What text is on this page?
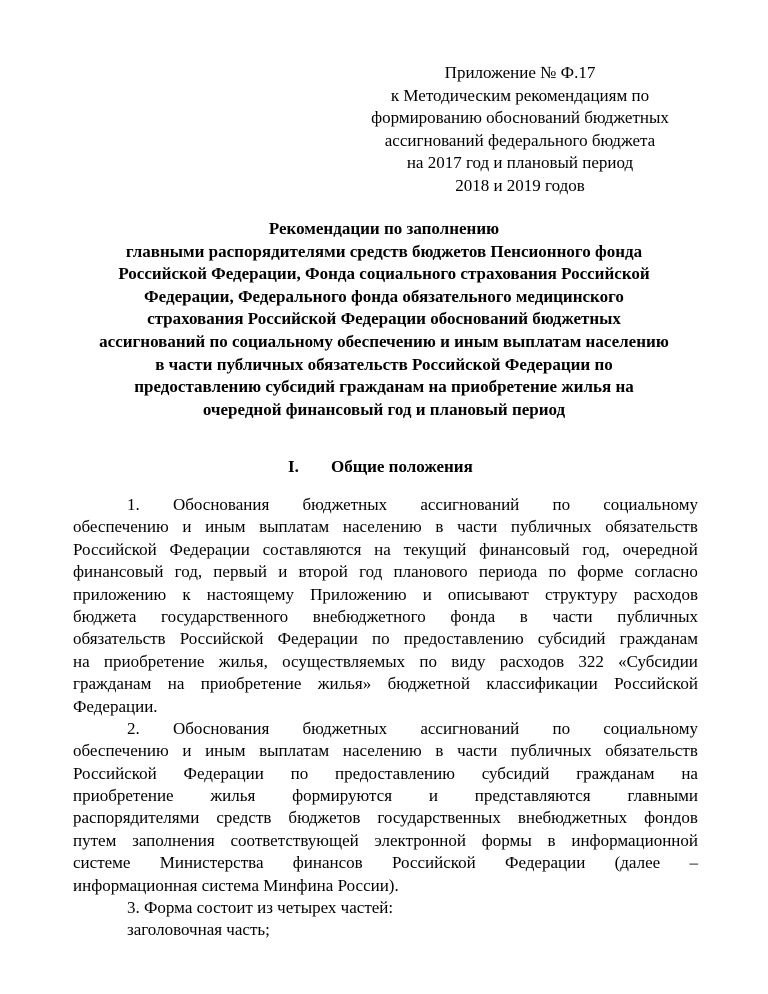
Приложение № Ф.17
к Методическим рекомендациям по
формированию обоснований бюджетных
ассигнований федерального бюджета
на 2017 год и плановый период
2018 и 2019 годов
Рекомендации по заполнению
главными распорядителями средств бюджетов Пенсионного фонда
Российской Федерации, Фонда социального страхования Российской
Федерации, Федерального фонда обязательного медицинского
страхования Российской Федерации обоснований бюджетных
ассигнований по социальному обеспечению и иным выплатам населению
в части публичных обязательств Российской Федерации по
предоставлению субсидий гражданам на приобретение жилья на
очередной финансовый год и плановый период
I. Общие положения
1. Обоснования бюджетных ассигнований по социальному
обеспечению и иным выплатам населению в части публичных обязательств
Российской Федерации составляются на текущий финансовый год, очередной
финансовый год, первый и второй год планового периода по форме согласно
приложению к настоящему Приложению и описывают структуру расходов
бюджета государственного внебюджетного фонда в части публичных
обязательств Российской Федерации по предоставлению субсидий гражданам
на приобретение жилья, осуществляемых по виду расходов 322 «Субсидии
гражданам на приобретение жилья» бюджетной классификации Российской
Федерации.
2. Обоснования бюджетных ассигнований по социальному
обеспечению и иным выплатам населению в части публичных обязательств
Российской Федерации по предоставлению субсидий гражданам на
приобретение жилья формируются и представляются главными
распорядителями средств бюджетов государственных внебюджетных фондов
путем заполнения соответствующей электронной формы в информационной
системе Министерства финансов Российской Федерации (далее –
информационная система Минфина России).
3. Форма состоит из четырех частей:
заголовочная часть;
